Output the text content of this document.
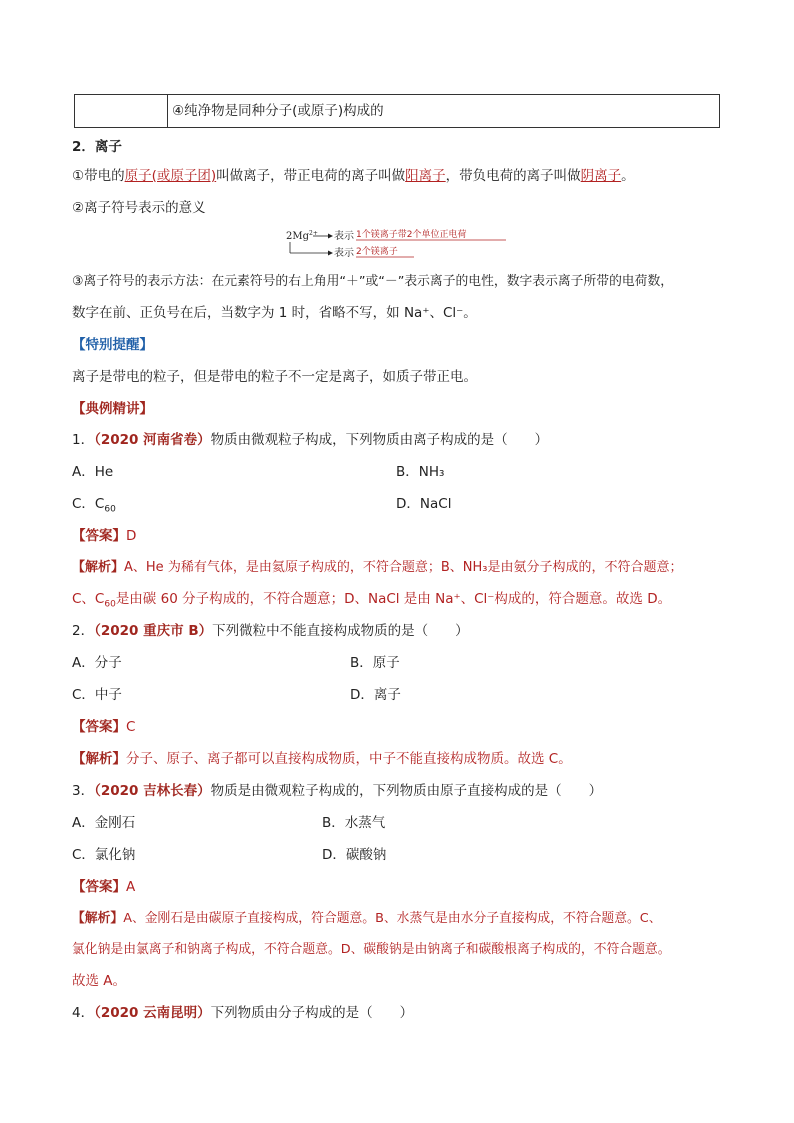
④纯净物是同种分子(或原子)构成的
2．离子
①带电的原子(或原子团)叫做离子，带正电荷的离子叫做阳离子，带负电荷的离子叫做阴离子。
②离子符号表示的意义
$2Mg^{2+}$ 表示 1个镁离子带2个单位正电荷
表示 2个镁离子
③离子符号的表示方法：在元素符号的右上角用“＋”或“－”表示离子的电性，数字表示离子所带的电荷数，
数字在前、正负号在后，当数字为 1 时，省略不写，如 Na⁺、Cl⁻。
【特别提醒】
离子是带电的粒子，但是带电的粒子不一定是离子，如质子带正电。
【典例精讲】
1．（2020 河南省卷）物质由微观粒子构成，下列物质由离子构成的是（　　）
A．He	B．NH₃
C．$C_{60}$	D．NaCl
【答案】D
【解析】A、He 为稀有气体，是由氦原子构成的，不符合题意；B、NH₃是由氨分子构成的，不符合题意；
C、$C_{60}$是由碳 60 分子构成的，不符合题意；D、NaCl 是由 Na⁺、Cl⁻构成的，符合题意。故选 D。
2．（2020 重庆市 B）下列微粒中不能直接构成物质的是（　　）
A．分子	B．原子
C．中子	D．离子
【答案】C
【解析】分子、原子、离子都可以直接构成物质，中子不能直接构成物质。故选 C。
3．（2020 吉林长春）物质是由微观粒子构成的，下列物质由原子直接构成的是（　　）
A．金刚石	B．水蒸气
C．氯化钠	D．碳酸钠
【答案】A
【解析】A、金刚石是由碳原子直接构成，符合题意。B、水蒸气是由水分子直接构成，不符合题意。C、
氯化钠是由氯离子和钠离子构成，不符合题意。D、碳酸钠是由钠离子和碳酸根离子构成的，不符合题意。
故选 A。
4．（2020 云南昆明）下列物质由分子构成的是（　　）
